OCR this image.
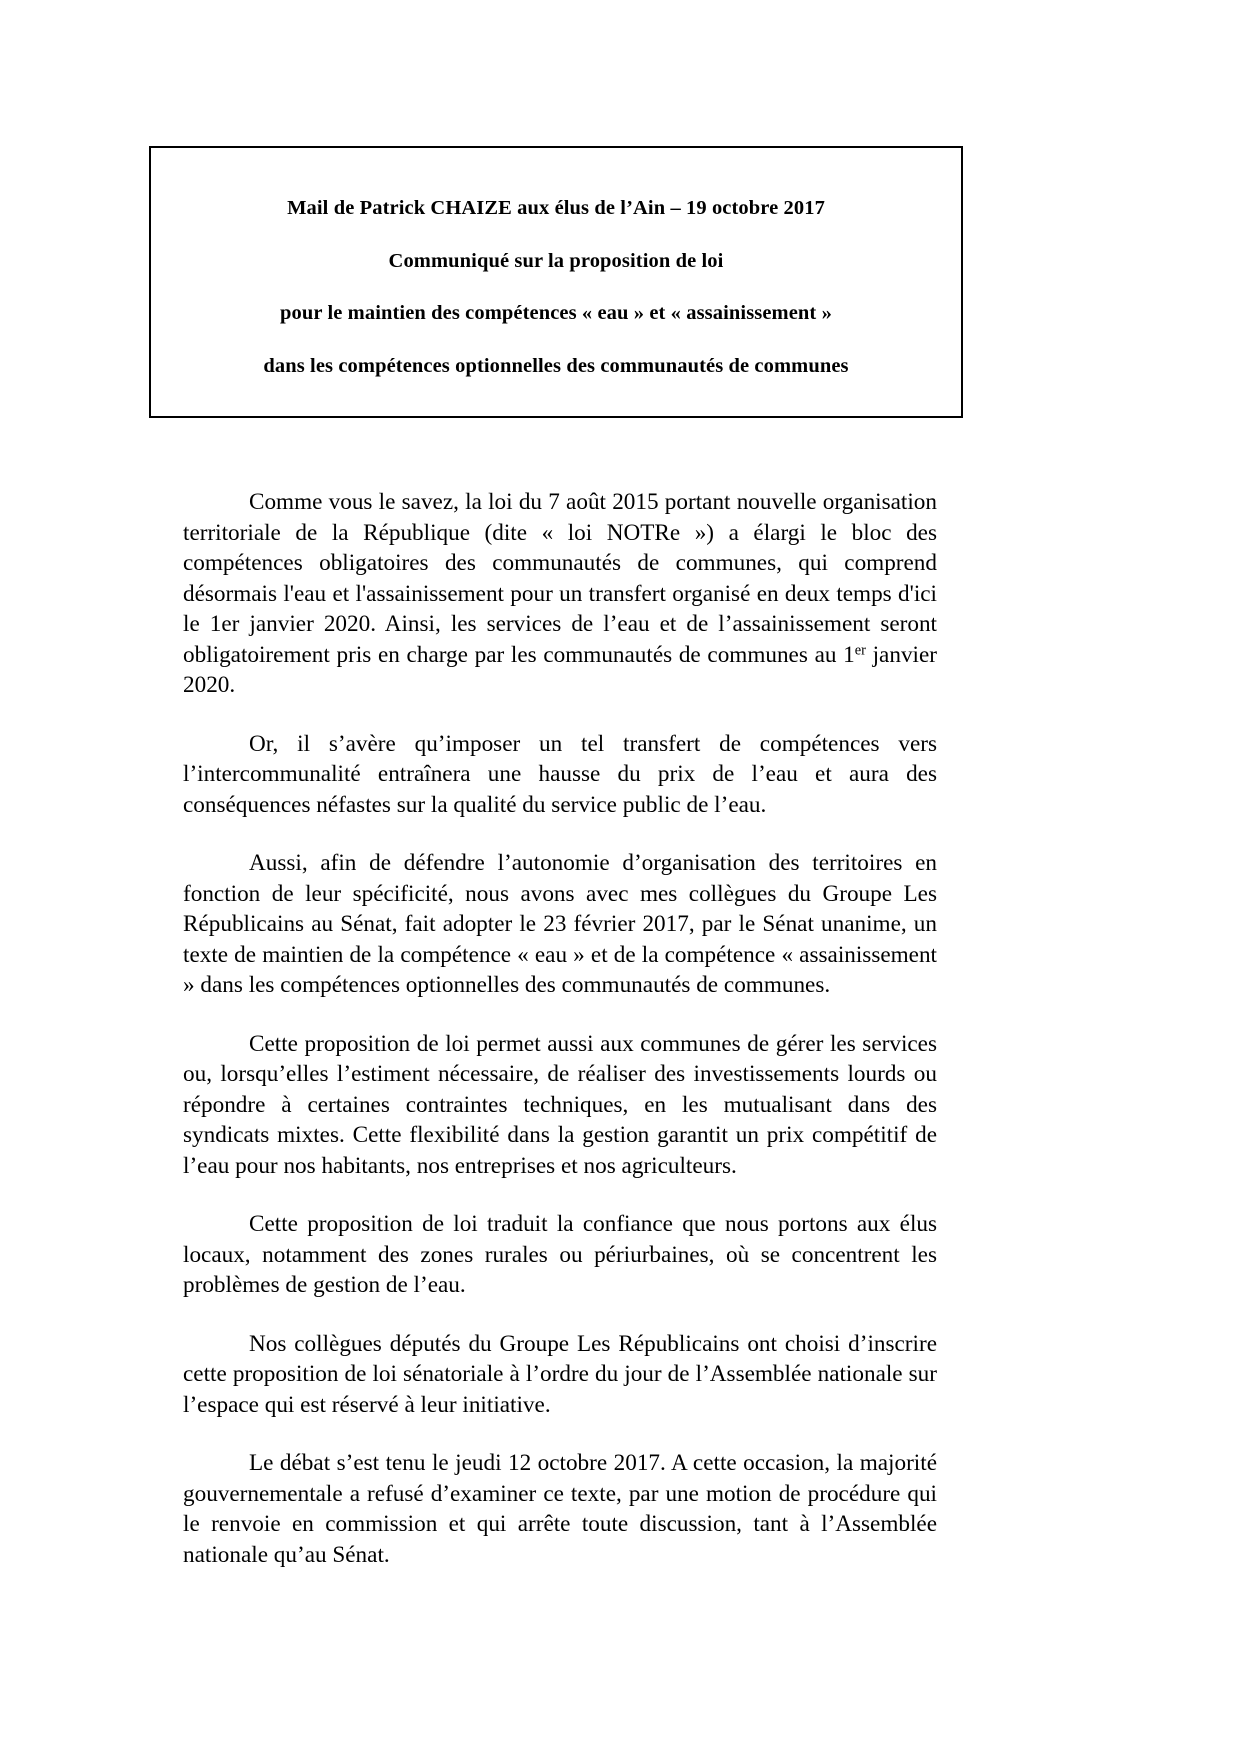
Mail de Patrick CHAIZE aux élus de l’Ain – 19 octobre 2017
Communiqué sur la proposition de loi
pour le maintien des compétences « eau » et « assainissement »
dans les compétences optionnelles des communautés de communes

Comme vous le savez, la loi du 7 août 2015 portant nouvelle organisation territoriale de la République (dite « loi NOTRe ») a élargi le bloc des compétences obligatoires des communautés de communes, qui comprend désormais l'eau et l'assainissement pour un transfert organisé en deux temps d'ici le 1er janvier 2020. Ainsi, les services de l’eau et de l’assainissement seront obligatoirement pris en charge par les communautés de communes au 1er janvier 2020.

Or, il s’avère qu’imposer un tel transfert de compétences vers l’intercommunalité entraînera une hausse du prix de l’eau et aura des conséquences néfastes sur la qualité du service public de l’eau.

Aussi, afin de défendre l’autonomie d’organisation des territoires en fonction de leur spécificité, nous avons avec mes collègues du Groupe Les Républicains au Sénat, fait adopter le 23 février 2017, par le Sénat unanime, un texte de maintien de la compétence « eau » et de la compétence « assainissement » dans les compétences optionnelles des communautés de communes.

Cette proposition de loi permet aussi aux communes de gérer les services ou, lorsqu’elles l’estiment nécessaire, de réaliser des investissements lourds ou répondre à certaines contraintes techniques, en les mutualisant dans des syndicats mixtes. Cette flexibilité dans la gestion garantit un prix compétitif de l’eau pour nos habitants, nos entreprises et nos agriculteurs.

Cette proposition de loi traduit la confiance que nous portons aux élus locaux, notamment des zones rurales ou périurbaines, où se concentrent les problèmes de gestion de l’eau.

Nos collègues députés du Groupe Les Républicains ont choisi d’inscrire cette proposition de loi sénatoriale à l’ordre du jour de l’Assemblée nationale sur l’espace qui est réservé à leur initiative.

Le débat s’est tenu le jeudi 12 octobre 2017. A cette occasion, la majorité gouvernementale a refusé d’examiner ce texte, par une motion de procédure qui le renvoie en commission et qui arrête toute discussion, tant à l’Assemblée nationale qu’au Sénat.
